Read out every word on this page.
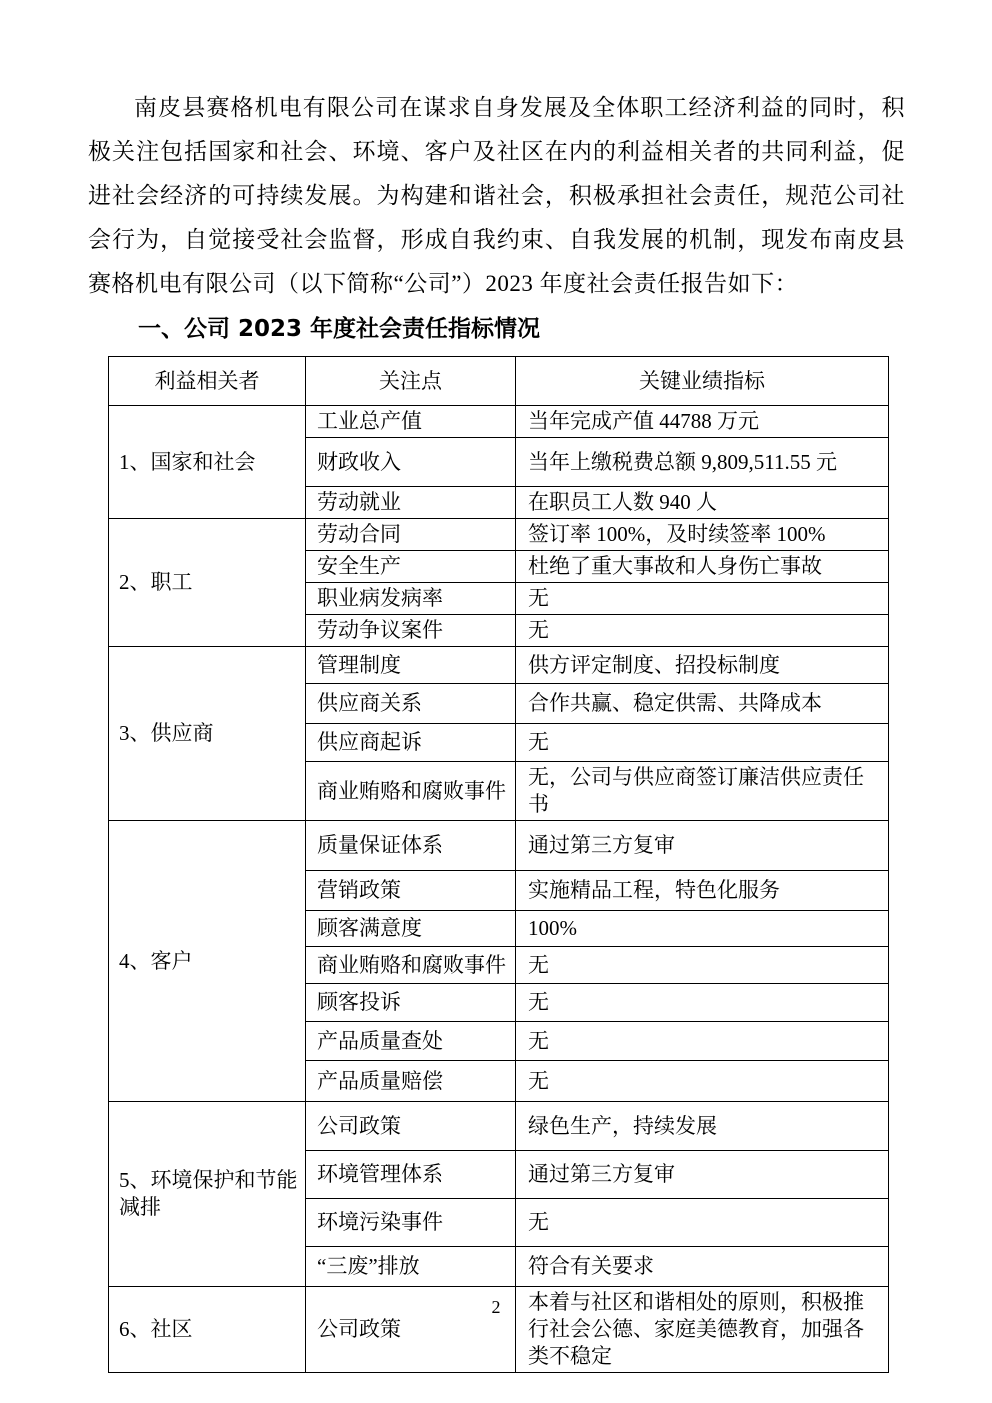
南皮县赛格机电有限公司在谋求自身发展及全体职工经济利益的同时，积极关注包括国家和社会、环境、客户及社区在内的利益相关者的共同利益，促进社会经济的可持续发展。为构建和谐社会，积极承担社会责任，规范公司社会行为，自觉接受社会监督，形成自我约束、自我发展的机制，现发布南皮县赛格机电有限公司（以下简称“公司”）2023 年度社会责任报告如下：

一、公司 2023 年度社会责任指标情况
利益相关者	关注点	关键业绩指标
1、国家和社会	工业总产值	当年完成产值 44788 万元
	财政收入	当年上缴税费总额 9,809,511.55 元
	劳动就业	在职员工人数 940 人
2、职工	劳动合同	签订率 100%，及时续签率 100%
	安全生产	杜绝了重大事故和人身伤亡事故
	职业病发病率	无
	劳动争议案件	无
3、供应商	管理制度	供方评定制度、招投标制度
	供应商关系	合作共赢、稳定供需、共降成本
	供应商起诉	无
	商业贿赂和腐败事件	无，公司与供应商签订廉洁供应责任书
4、客户	质量保证体系	通过第三方复审
	营销政策	实施精品工程，特色化服务
	顾客满意度	100%
	商业贿赂和腐败事件	无
	顾客投诉	无
	产品质量查处	无
	产品质量赔偿	无
5、环境保护和节能减排	公司政策	绿色生产，持续发展
	环境管理体系	通过第三方复审
	环境污染事件	无
	“三废”排放	符合有关要求
6、社区	公司政策	本着与社区和谐相处的原则，积极推行社会公德、家庭美德教育，加强各类不稳定
2
